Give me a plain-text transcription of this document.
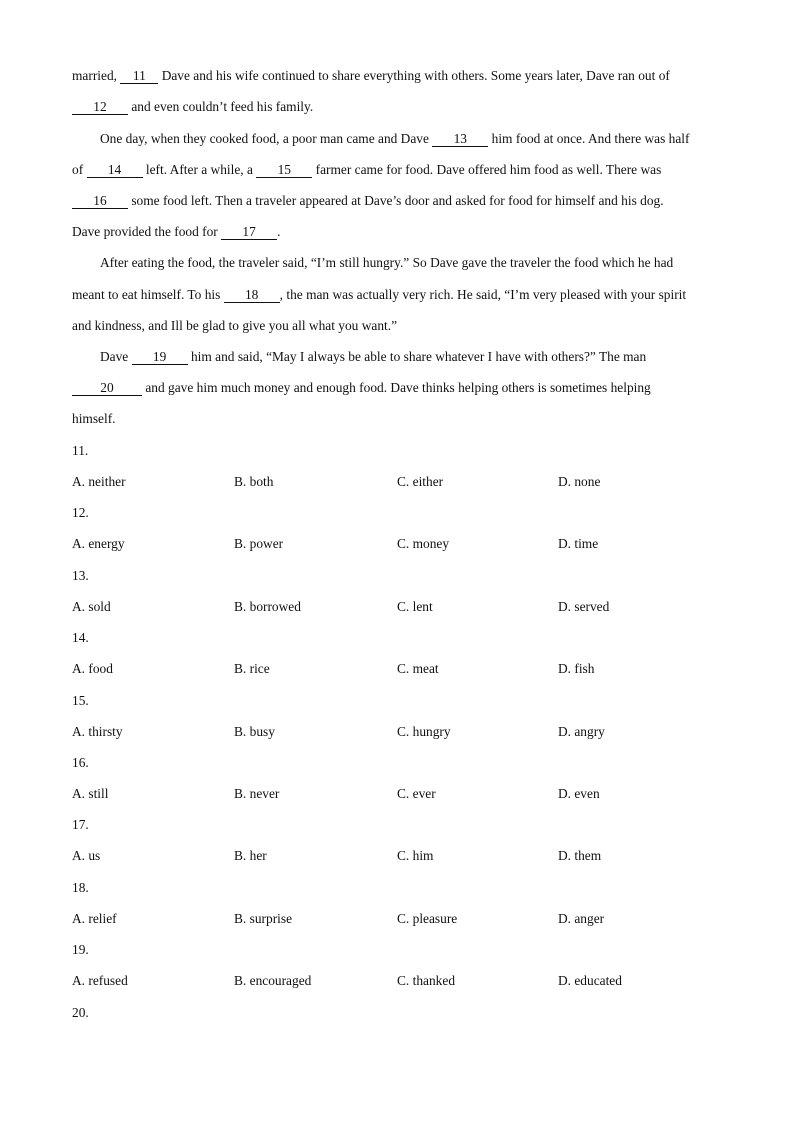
married, 11 Dave and his wife continued to share everything with others. Some years later, Dave ran out of
12 and even couldn’t feed his family.
One day, when they cooked food, a poor man came and Dave 13 him food at once. And there was half
of 14 left. After a while, a 15 farmer came for food. Dave offered him food as well. There was
16 some food left. Then a traveler appeared at Dave’s door and asked for food for himself and his dog.
Dave provided the food for 17 .
After eating the food, the traveler said, “I’m still hungry.” So Dave gave the traveler the food which he had
meant to eat himself. To his 18 , the man was actually very rich. He said, “I’m very pleased with your spirit
and kindness, and Ill be glad to give you all what you want.”
Dave 19 him and said, “May I always be able to share whatever I have with others?” The man
20 and gave him much money and enough food. Dave thinks helping others is sometimes helping
himself.
11.
A. neither	B. both	C. either	D. none
12.
A. energy	B. power	C. money	D. time
13.
A. sold	B. borrowed	C. lent	D. served
14.
A. food	B. rice	C. meat	D. fish
15.
A. thirsty	B. busy	C. hungry	D. angry
16.
A. still	B. never	C. ever	D. even
17.
A. us	B. her	C. him	D. them
18.
A. relief	B. surprise	C. pleasure	D. anger
19.
A. refused	B. encouraged	C. thanked	D. educated
20.
